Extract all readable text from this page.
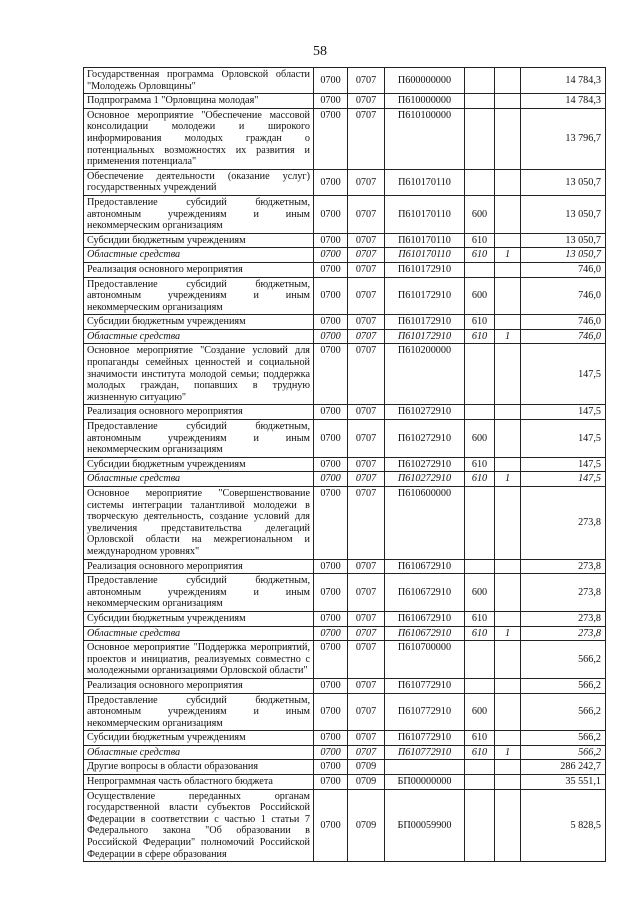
58
Государственная программа Орловской области "Молодежь Орловщины"	0700	0707	П600000000			14 784,3
Подпрограмма 1 "Орловщина молодая"	0700	0707	П610000000			14 784,3
Основное мероприятие "Обеспечение массовой консолидации молодежи и широкого информирования молодых граждан о потенциальных возможностях их развития и применения потенциала"	0700	0707	П610100000			13 796,7
Обеспечение деятельности (оказание услуг) государственных учреждений	0700	0707	П610170110			13 050,7
Предоставление субсидий бюджетным, автономным учреждениям и иным некоммерческим организациям	0700	0707	П610170110	600		13 050,7
Субсидии бюджетным учреждениям	0700	0707	П610170110	610		13 050,7
Областные средства	0700	0707	П610170110	610	1	13 050,7
Реализация основного мероприятия	0700	0707	П610172910			746,0
Предоставление субсидий бюджетным, автономным учреждениям и иным некоммерческим организациям	0700	0707	П610172910	600		746,0
Субсидии бюджетным учреждениям	0700	0707	П610172910	610		746,0
Областные средства	0700	0707	П610172910	610	1	746,0
Основное мероприятие "Создание условий для пропаганды семейных ценностей и социальной значимости института молодой семьи; поддержка молодых граждан, попавших в трудную жизненную ситуацию"	0700	0707	П610200000			147,5
Реализация основного мероприятия	0700	0707	П610272910			147,5
Предоставление субсидий бюджетным, автономным учреждениям и иным некоммерческим организациям	0700	0707	П610272910	600		147,5
Субсидии бюджетным учреждениям	0700	0707	П610272910	610		147,5
Областные средства	0700	0707	П610272910	610	1	147,5
Основное мероприятие "Совершенствование системы интеграции талантливой молодежи в творческую деятельность, создание условий для увеличения представительства делегаций Орловской области на межрегиональном и международном уровнях"	0700	0707	П610600000			273,8
Реализация основного мероприятия	0700	0707	П610672910			273,8
Предоставление субсидий бюджетным, автономным учреждениям и иным некоммерческим организациям	0700	0707	П610672910	600		273,8
Субсидии бюджетным учреждениям	0700	0707	П610672910	610		273,8
Областные средства	0700	0707	П610672910	610	1	273,8
Основное мероприятие "Поддержка мероприятий, проектов и инициатив, реализуемых совместно с молодежными организациями Орловской области"	0700	0707	П610700000			566,2
Реализация основного мероприятия	0700	0707	П610772910			566,2
Предоставление субсидий бюджетным, автономным учреждениям и иным некоммерческим организациям	0700	0707	П610772910	600		566,2
Субсидии бюджетным учреждениям	0700	0707	П610772910	610		566,2
Областные средства	0700	0707	П610772910	610	1	566,2
Другие вопросы в области образования	0700	0709				286 242,7
Непрограммная часть областного бюджета	0700	0709	БП00000000			35 551,1
Осуществление переданных органам государственной власти субъектов Российской Федерации в соответствии с частью 1 статьи 7 Федерального закона "Об образовании в Российской Федерации" полномочий Российской Федерации в сфере образования	0700	0709	БП00059900			5 828,5
